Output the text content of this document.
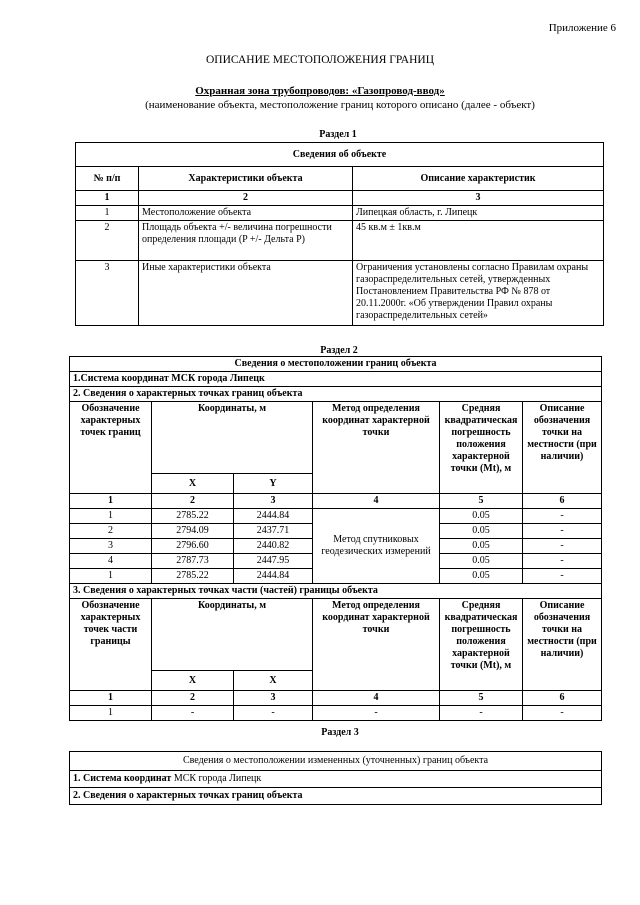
Приложение 6
ОПИСАНИЕ МЕСТОПОЛОЖЕНИЯ ГРАНИЦ
Охранная зона трубопроводов: «Газопровод-ввод»
(наименование объекта, местоположение границ которого описано (далее - объект)
Раздел 1
Сведения об объекте		
№ п/п	Характеристики объекта	Описание характеристик
1	2	3
1	Местоположение объекта	Липецкая область, г. Липецк
2	Площадь объекта +/- величина погрешности определения площади (P +/- Дельта P)	45 кв.м ± 1кв.м
3	Иные характеристики объекта	Ограничения установлены согласно Правилам охраны газораспределительных сетей, утвержденных Постановлением Правительства РФ № 878 от 20.11.2000г. «Об утверждении Правил охраны газораспределительных сетей»
Раздел 2
Сведения о местоположении границ объекта					
1.Система координат МСК города Липецк					
2. Сведения о характерных точках границ объекта					
Обозначение характерных точек границ	Координаты, м		Метод определения координат характерной точки	Средняя квадратическая погрешность положения характерной точки (Mt), м	Описание обозначения точки на местности (при наличии)
	X	Y			
1	2	3	4	5	6
1	2785.22	2444.84	Метод спутниковых геодезических измерений	0.05	-
2	2794.09	2437.71		0.05	-
3	2796.60	2440.82		0.05	-
4	2787.73	2447.95		0.05	-
1	2785.22	2444.84		0.05	-
3. Сведения о характерных точках части (частей) границы объекта					
Обозначение характерных точек части границы	Координаты, м		Метод определения координат характерной точки	Средняя квадратическая погрешность положения характерной точки (Mt), м	Описание обозначения точки на местности (при наличии)
	X	X			
1	2	3	4	5	6
1	-	-	-	-	-
Раздел 3
Сведения о местоположении измененных (уточненных) границ объекта
1. Система координат МСК города Липецк
2. Сведения о характерных точках границ объекта
